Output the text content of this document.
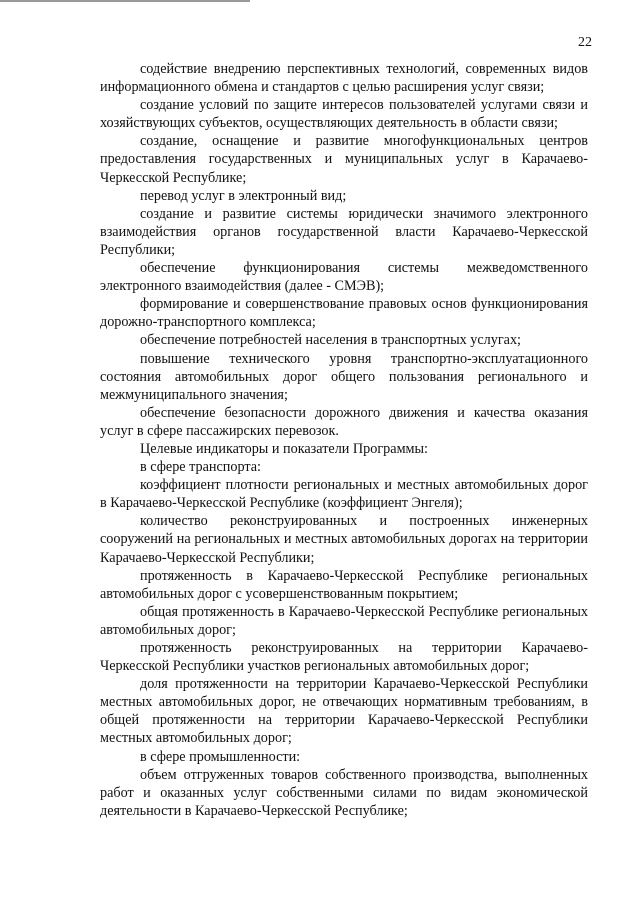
22

содействие внедрению перспективных технологий, современных видов информационного обмена и стандартов с целью расширения услуг связи;

создание условий по защите интересов пользователей услугами связи и хозяйствующих субъектов, осуществляющих деятельность в области связи;

создание, оснащение и развитие многофункциональных центров предоставления государственных и муниципальных услуг в Карачаево-Черкесской Республике;

перевод услуг в электронный вид;

создание и развитие системы юридически значимого электронного взаимодействия органов государственной власти Карачаево-Черкесской Республики;

обеспечение функционирования системы межведомственного электронного взаимодействия (далее - СМЭВ);

формирование и совершенствование правовых основ функционирования дорожно-транспортного комплекса;

обеспечение потребностей населения в транспортных услугах;

повышение технического уровня транспортно-эксплуатационного состояния автомобильных дорог общего пользования регионального и межмуниципального значения;

обеспечение безопасности дорожного движения и качества оказания услуг в сфере пассажирских перевозок.

Целевые индикаторы и показатели Программы:

в сфере транспорта:

коэффициент плотности региональных и местных автомобильных дорог в Карачаево-Черкесской Республике (коэффициент Энгеля);

количество реконструированных и построенных инженерных сооружений на региональных и местных автомобильных дорогах на территории Карачаево-Черкесской Республики;

протяженность в Карачаево-Черкесской Республике региональных автомобильных дорог с усовершенствованным покрытием;

общая протяженность в Карачаево-Черкесской Республике региональных автомобильных дорог;

протяженность реконструированных на территории Карачаево-Черкесской Республики участков региональных автомобильных дорог;

доля протяженности на территории Карачаево-Черкесской Республики местных автомобильных дорог, не отвечающих нормативным требованиям, в общей протяженности на территории Карачаево-Черкесской Республики местных автомобильных дорог;

в сфере промышленности:

объем отгруженных товаров собственного производства, выполненных работ и оказанных услуг собственными силами по видам экономической деятельности в Карачаево-Черкесской Республике;
